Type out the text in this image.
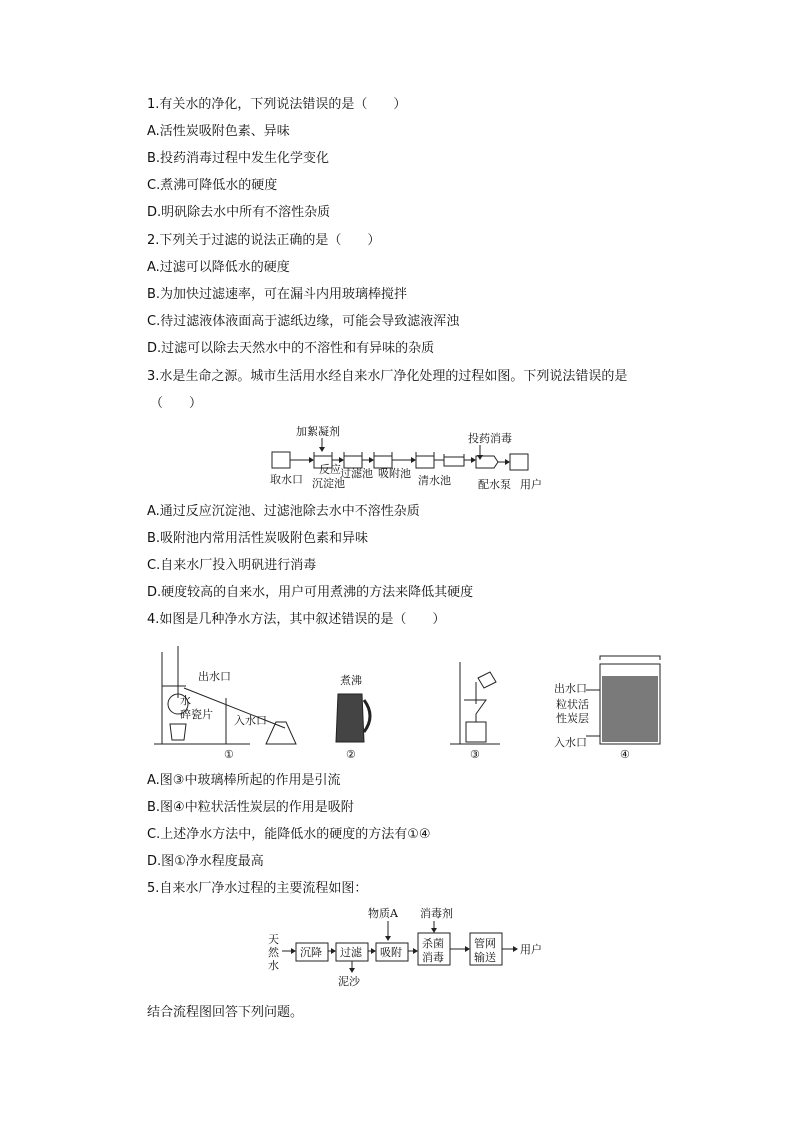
1.有关水的净化，下列说法错误的是（　　）
A.活性炭吸附色素、异味
B.投药消毒过程中发生化学变化
C.煮沸可降低水的硬度
D.明矾除去水中所有不溶性杂质
2.下列关于过滤的说法正确的是（　　）
A.过滤可以降低水的硬度
B.为加快过滤速率，可在漏斗内用玻璃棒搅拌
C.待过滤液体液面高于滤纸边缘，可能会导致滤液浑浊
D.过滤可以除去天然水中的不溶性和有异味的杂质
3.水是生命之源。城市生活用水经自来水厂净化处理的过程如图。下列说法错误的是
（　　）
加絮凝剂
投药消毒
取水口
反应
沉淀池
过滤池 吸附池
清水池 配水泵 用户
A.通过反应沉淀池、过滤池除去水中不溶性杂质
B.吸附池内常用活性炭吸附色素和异味
C.自来水厂投入明矾进行消毒
D.硬度较高的自来水，用户可用煮沸的方法来降低其硬度
4.如图是几种净水方法，其中叙述错误的是（　　）
出水口
水
碎瓷片 入水口
①
煮沸
②	③
出水口
粒状活
性炭层
入水口
④
A.图③中玻璃棒所起的作用是引流
B.图④中粒状活性炭层的作用是吸附
C.上述净水方法中，能降低水的硬度的方法有①④
D.图①净水程度最高
5.自来水厂净水过程的主要流程如图：
天
然
水
沉降 过滤
泥沙
物质A
吸附
消毒剂
杀菌
消毒
管网
输送
用户
结合流程图回答下列问题。
